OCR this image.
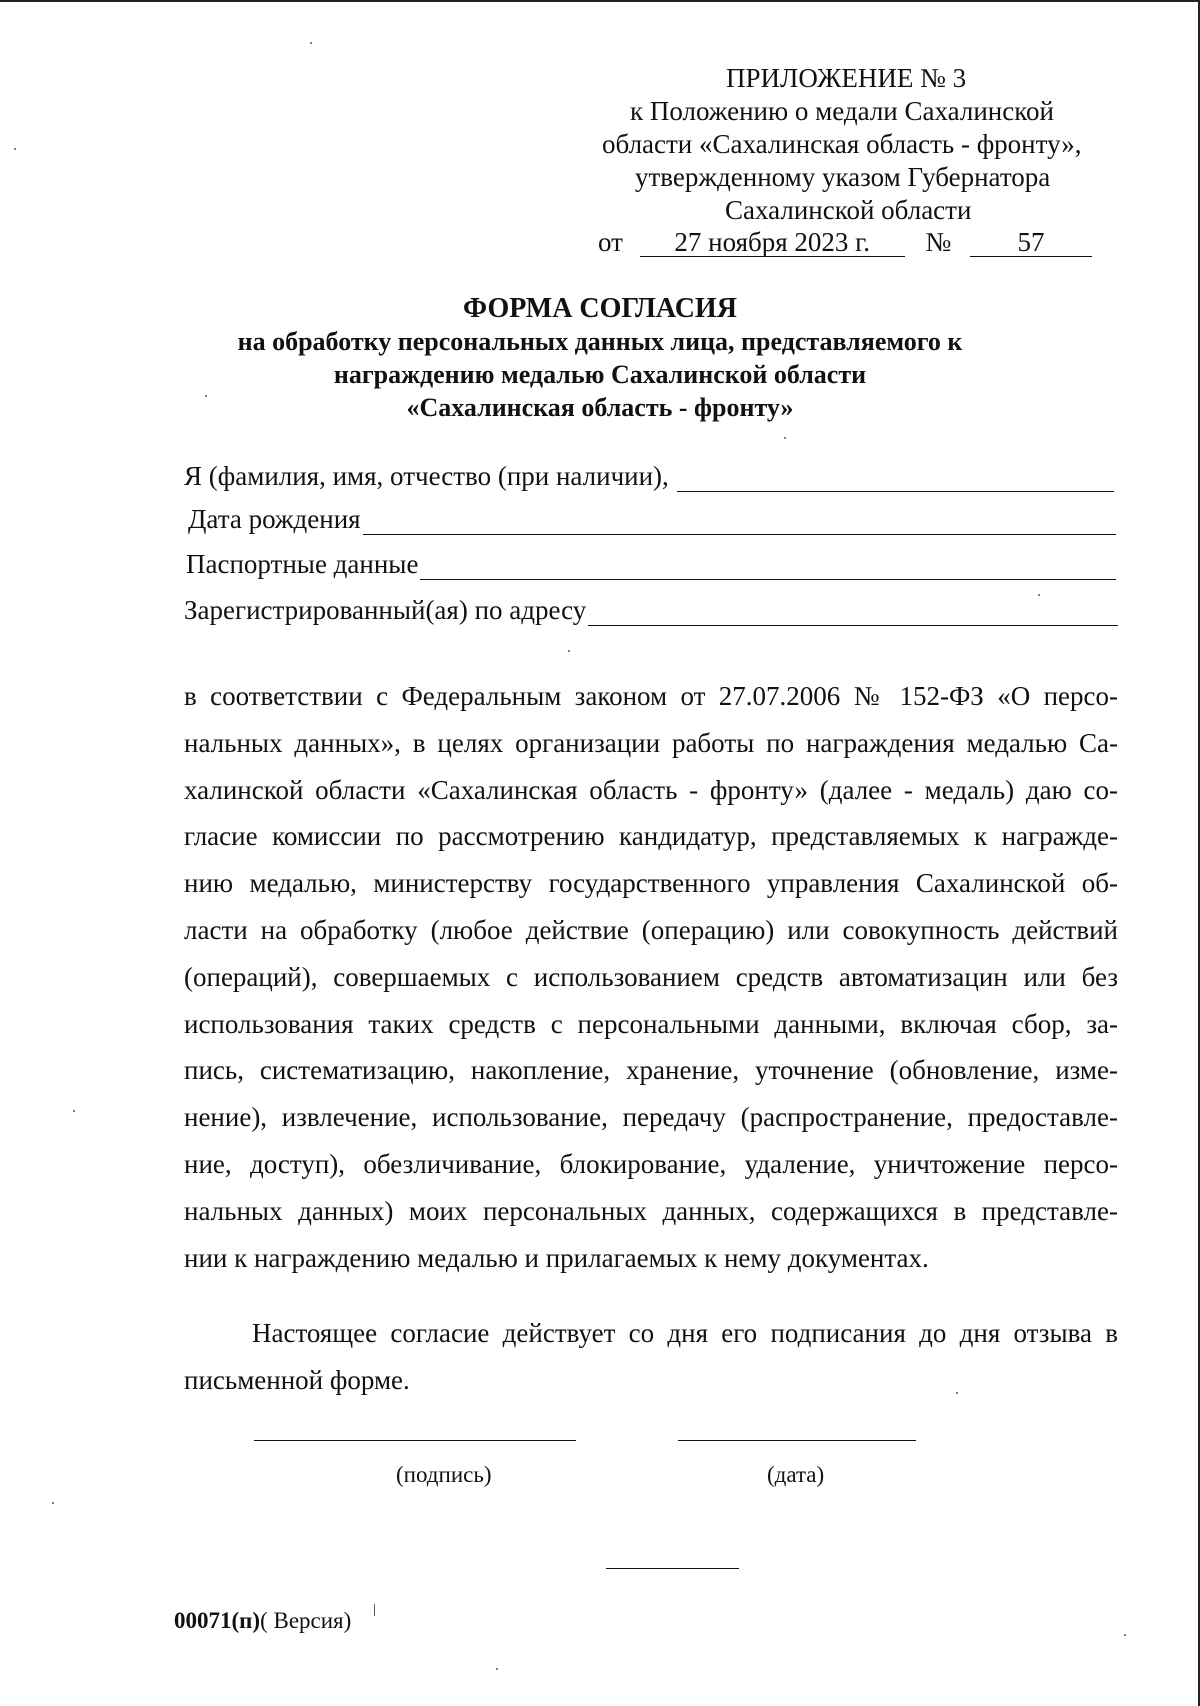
ПРИЛОЖЕНИЕ № 3
к Положению о медали Сахалинской
области «Сахалинская область - фронту»,
утвержденному указом Губернатора
Сахалинской области
от 27 ноября 2023 г. № 57
ФОРМА СОГЛАСИЯ
на обработку персональных данных лица, представляемого к
награждению медалью Сахалинской области
«Сахалинская область - фронту»
Я (фамилия, имя, отчество (при наличии),
Дата рождения
Паспортные данные
Зарегистрированный(ая) по адресу
в соответствии с Федеральным законом от 27.07.2006 № 152-ФЗ «О персо-
нальных данных», в целях организации работы по награждения медалью Са-
халинской области «Сахалинская область - фронту» (далее - медаль) даю со-
гласие комиссии по рассмотрению кандидатур, представляемых к награжде-
нию медалью, министерству государственного управления Сахалинской об-
ласти на обработку (любое действие (операцию) или совокупность действий
(операций), совершаемых с использованием средств автоматизацин или без
использования таких средств с персональными данными, включая сбор, за-
пись, систематизацию, накопление, хранение, уточнение (обновление, изме-
нение), извлечение, использование, передачу (распространение, предоставле-
ние, доступ), обезличивание, блокирование, удаление, уничтожение персо-
нальных данных) моих персональных данных, содержащихся в представле-
нии к награждению медалью и прилагаемых к нему документах.
Настоящее согласие действует со дня его подписания до дня отзыва в
письменной форме.
(подпись)	(дата)
00071(п)( Версия)
